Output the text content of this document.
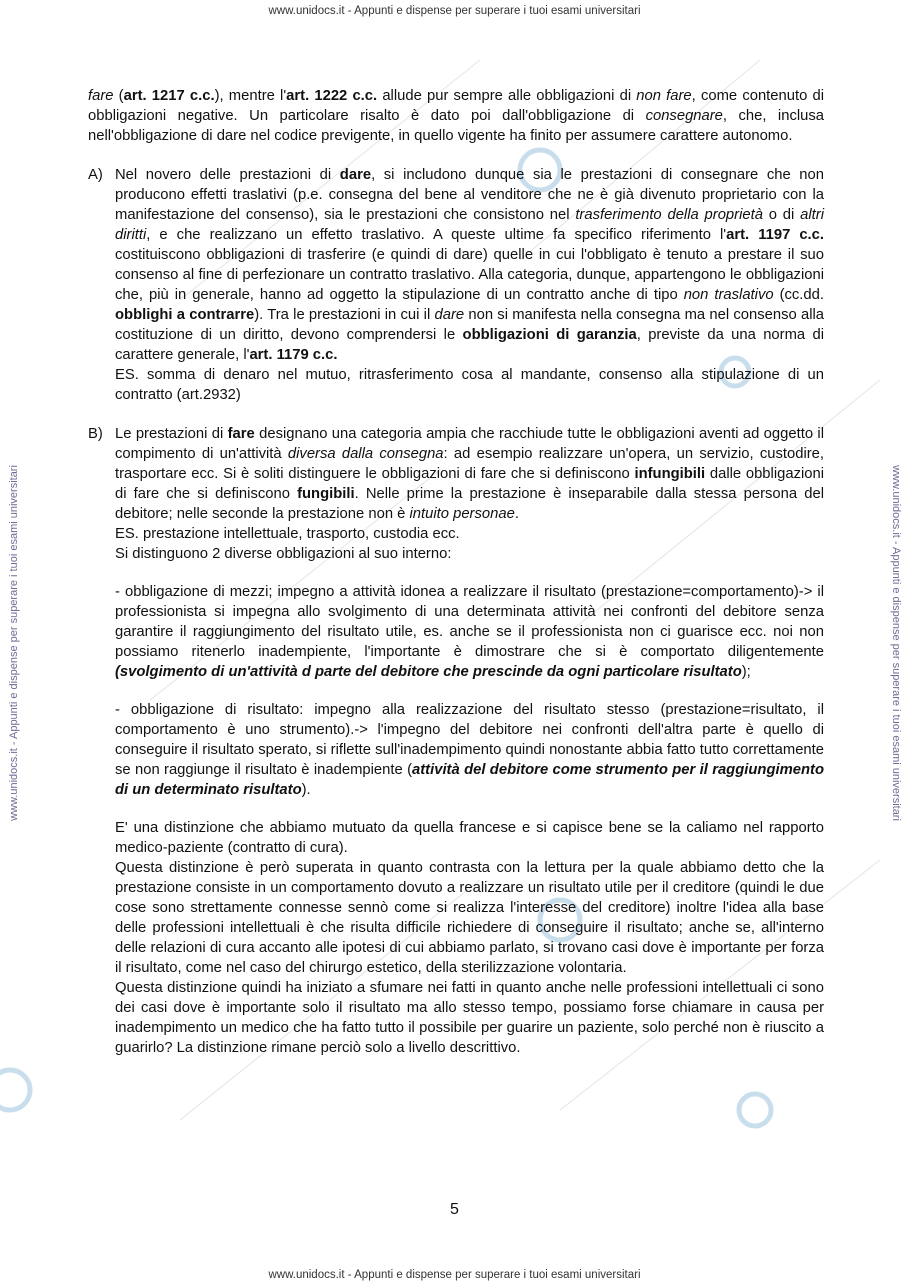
www.unidocs.it - Appunti e dispense per superare i tuoi esami universitari
www.unidocs.it - Appunti e dispense per superare i tuoi esami universitari
www.unidocs.it - Appunti e dispense per superare i tuoi esami universitari	www.unidocs.it - Appunti e dispense per superare i tuoi esami universitari

fare (art. 1217 c.c.), mentre l'art. 1222 c.c. allude pur sempre alle obbligazioni di non fare, come contenuto di obbligazioni negative. Un particolare risalto è dato poi dall'obbligazione di consegnare, che, inclusa nell'obbligazione di dare nel codice previgente, in quello vigente ha finito per assumere carattere autonomo.

A) Nel novero delle prestazioni di dare, si includono dunque sia le prestazioni di consegnare che non producono effetti traslativi (p.e. consegna del bene al venditore che ne è già divenuto proprietario con la manifestazione del consenso), sia le prestazioni che consistono nel trasferimento della proprietà o di altri diritti, e che realizzano un effetto traslativo. A queste ultime fa specifico riferimento l'art. 1197 c.c. costituiscono obbligazioni di trasferire (e quindi di dare) quelle in cui l'obbligato è tenuto a prestare il suo consenso al fine di perfezionare un contratto traslativo. Alla categoria, dunque, appartengono le obbligazioni che, più in generale, hanno ad oggetto la stipulazione di un contratto anche di tipo non traslativo (cc.dd. obblighi a contrarre). Tra le prestazioni in cui il dare non si manifesta nella consegna ma nel consenso alla costituzione di un diritto, devono comprendersi le obbligazioni di garanzia, previste da una norma di carattere generale, l'art. 1179 c.c.

ES. somma di denaro nel mutuo, ritrasferimento cosa al mandante, consenso alla stipulazione di un contratto (art.2932)

B) Le prestazioni di fare designano una categoria ampia che racchiude tutte le obbligazioni aventi ad oggetto il compimento di un'attività diversa dalla consegna: ad esempio realizzare un'opera, un servizio, custodire, trasportare ecc. Si è soliti distinguere le obbligazioni di fare che si definiscono infungibili dalle obbligazioni di fare che si definiscono fungibili. Nelle prime la prestazione è inseparabile dalla stessa persona del debitore; nelle seconde la prestazione non è intuito personae.

ES. prestazione intellettuale, trasporto, custodia ecc.

Si distinguono 2 diverse obbligazioni al suo interno:

- obbligazione di mezzi; impegno a attività idonea a realizzare il risultato (prestazione=comportamento)-> il professionista si impegna allo svolgimento di una determinata attività nei confronti del debitore senza garantire il raggiungimento del risultato utile, es. anche se il professionista non ci guarisce ecc. noi non possiamo ritenerlo inadempiente, l'importante è dimostrare che si è comportato diligentemente (svolgimento di un'attività d parte del debitore che prescinde da ogni particolare risultato);

- obbligazione di risultato: impegno alla realizzazione del risultato stesso (prestazione=risultato, il comportamento è uno strumento).-> l'impegno del debitore nei confronti dell'altra parte è quello di conseguire il risultato sperato, si riflette sull'inadempimento quindi nonostante abbia fatto tutto correttamente se non raggiunge il risultato è inadempiente (attività del debitore come strumento per il raggiungimento di un determinato risultato).

E' una distinzione che abbiamo mutuato da quella francese e si capisce bene se la caliamo nel rapporto medico-paziente (contratto di cura).

Questa distinzione è però superata in quanto contrasta con la lettura per la quale abbiamo detto che la prestazione consiste in un comportamento dovuto a realizzare un risultato utile per il creditore (quindi le due cose sono strettamente connesse sennò come si realizza l'interesse del creditore) inoltre l'idea alla base delle professioni intellettuali è che risulta difficile richiedere di conseguire il risultato; anche se, all'interno delle relazioni di cura accanto alle ipotesi di cui abbiamo parlato, si trovano casi dove è importante per forza il risultato, come nel caso del chirurgo estetico, della sterilizzazione volontaria.

Questa distinzione quindi ha iniziato a sfumare nei fatti in quanto anche nelle professioni intellettuali ci sono dei casi dove è importante solo il risultato ma allo stesso tempo, possiamo forse chiamare in causa per inadempimento un medico che ha fatto tutto il possibile per guarire un paziente, solo perché non è riuscito a guarirlo? La distinzione rimane perciò solo a livello descrittivo.

5
